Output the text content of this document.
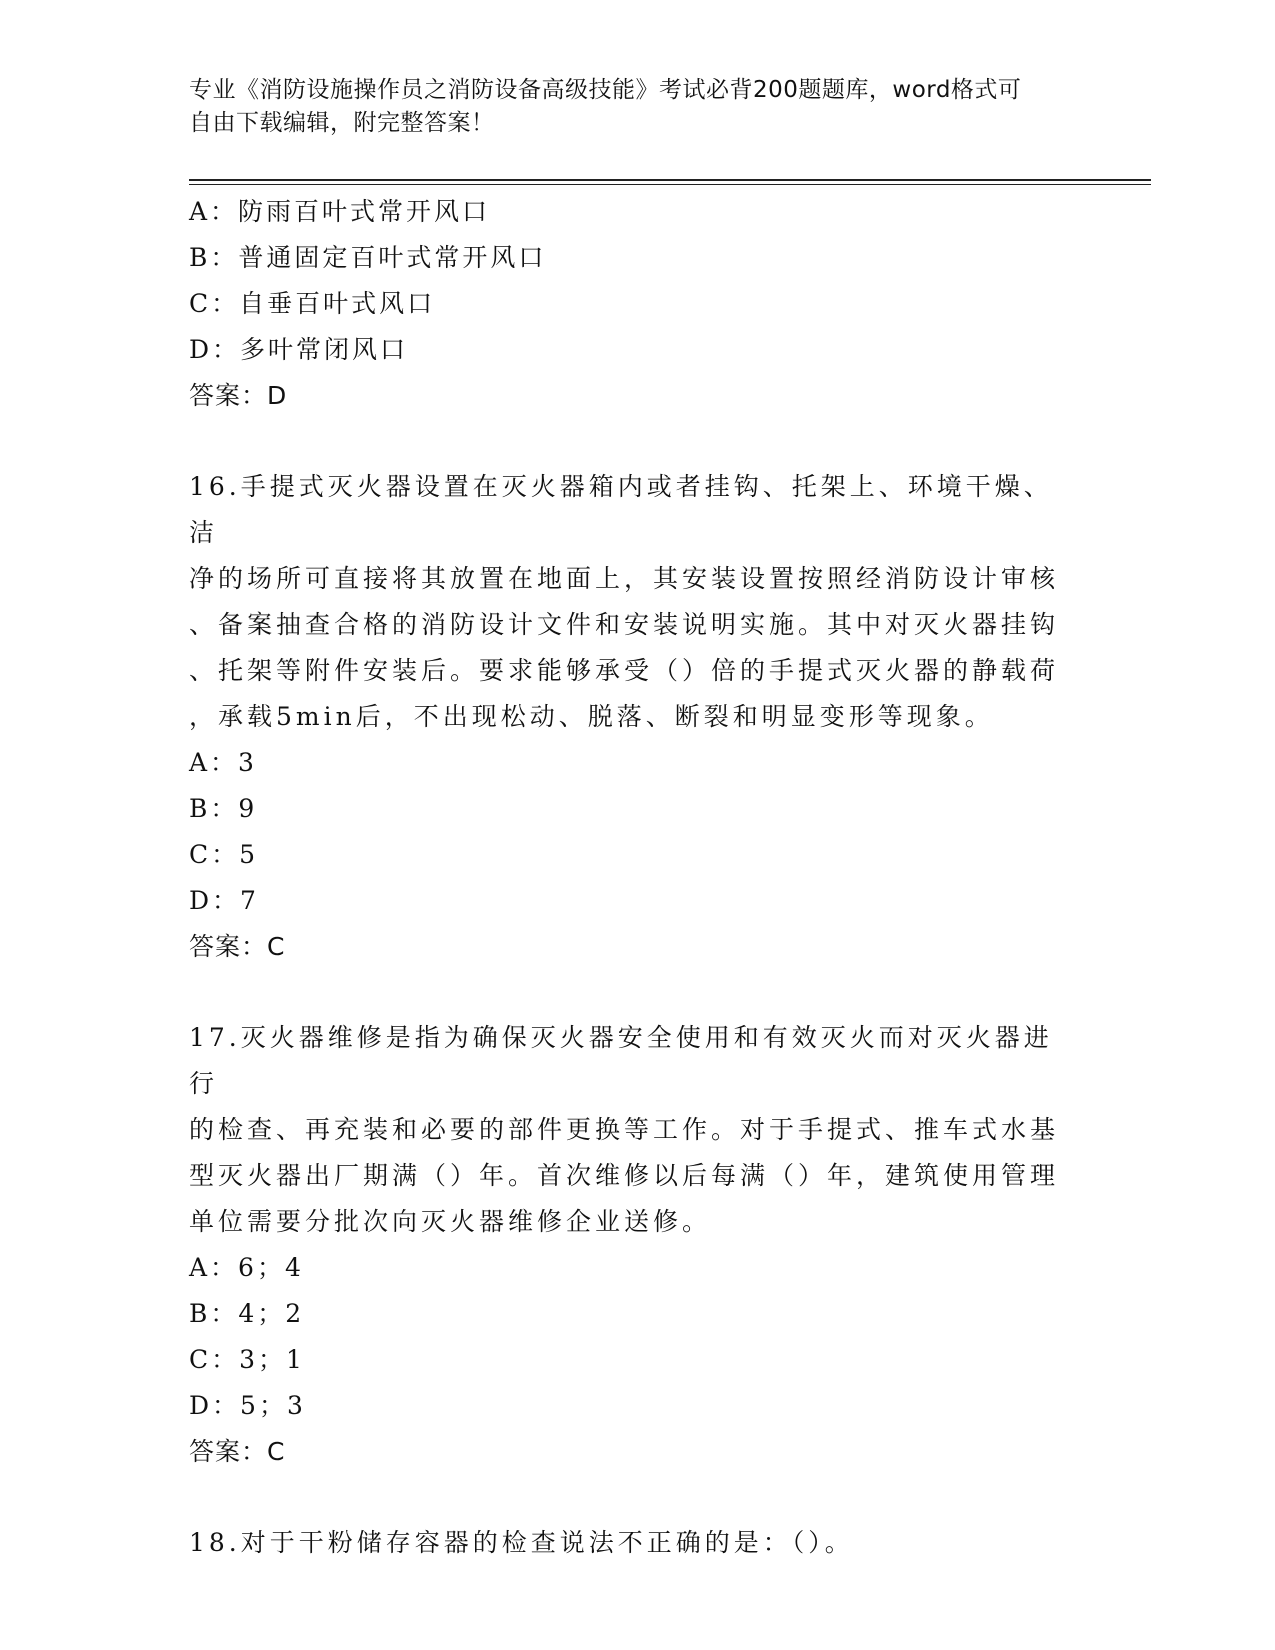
专业《消防设施操作员之消防设备高级技能》考试必背200题题库，word格式可
自由下载编辑，附完整答案！
A：防雨百叶式常开风口
B：普通固定百叶式常开风口
C：自垂百叶式风口
D：多叶常闭风口
答案：D
16.手提式灭火器设置在灭火器箱内或者挂钩、托架上、环境干燥、洁
净的场所可直接将其放置在地面上，其安装设置按照经消防设计审核
、备案抽查合格的消防设计文件和安装说明实施。其中对灭火器挂钩
、托架等附件安装后。要求能够承受（）倍的手提式灭火器的静载荷
，承载5min后，不出现松动、脱落、断裂和明显变形等现象。
A：3
B：9
C：5
D：7
答案：C
17.灭火器维修是指为确保灭火器安全使用和有效灭火而对灭火器进行
的检查、再充装和必要的部件更换等工作。对于手提式、推车式水基
型灭火器出厂期满（）年。首次维修以后每满（）年，建筑使用管理
单位需要分批次向灭火器维修企业送修。
A：6；4
B：4；2
C：3；1
D：5；3
答案：C
18.对于干粉储存容器的检查说法不正确的是：（）。
